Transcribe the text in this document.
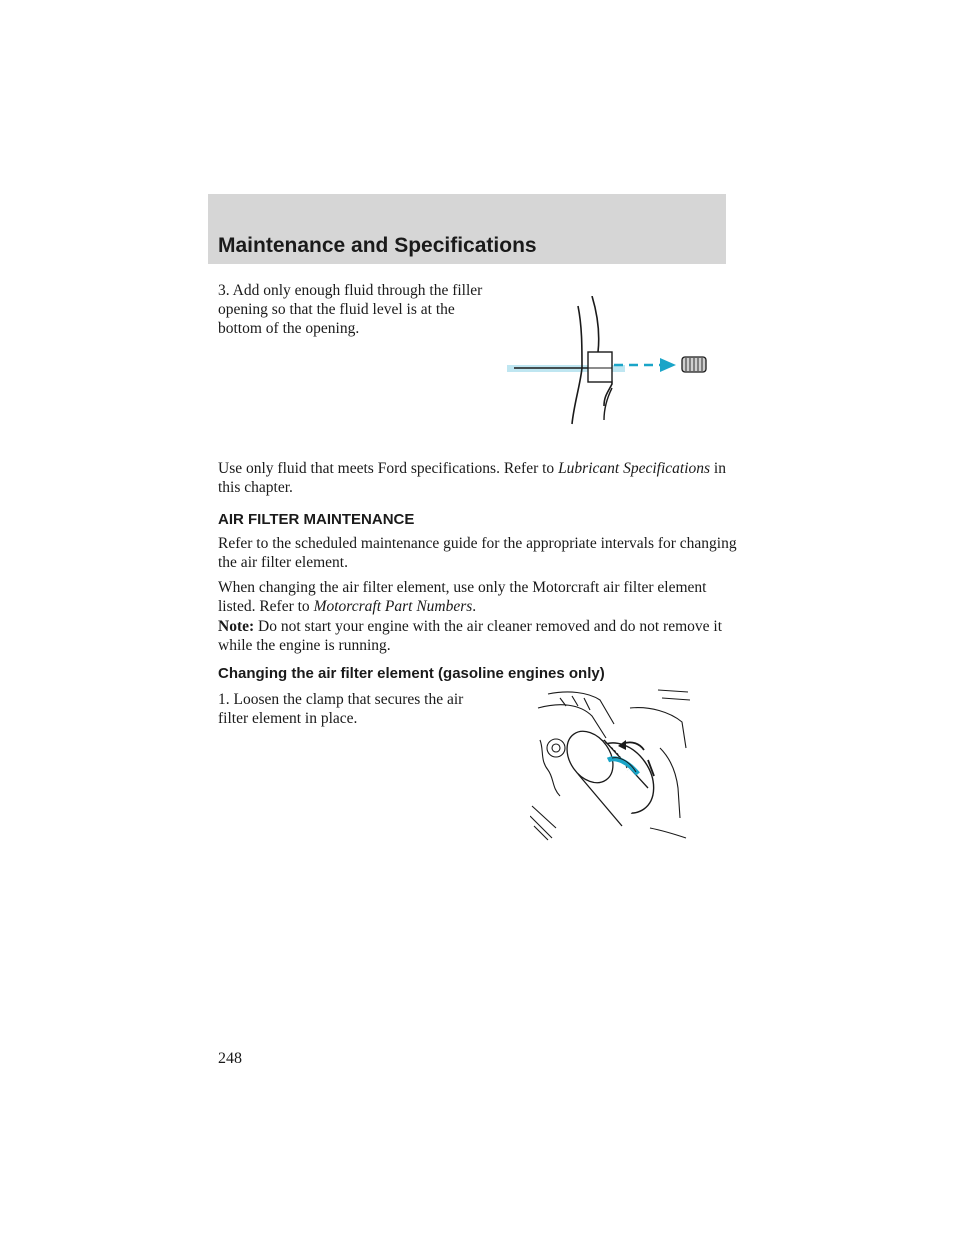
Maintenance and Specifications

3. Add only enough fluid through the filler opening so that the fluid level is at the bottom of the opening.

Use only fluid that meets Ford specifications. Refer to Lubricant Specifications in this chapter.

AIR FILTER MAINTENANCE

Refer to the scheduled maintenance guide for the appropriate intervals for changing the air filter element.

When changing the air filter element, use only the Motorcraft air filter element listed. Refer to Motorcraft Part Numbers.

Note: Do not start your engine with the air cleaner removed and do not remove it while the engine is running.

Changing the air filter element (gasoline engines only)

1. Loosen the clamp that secures the air filter element in place.

248
